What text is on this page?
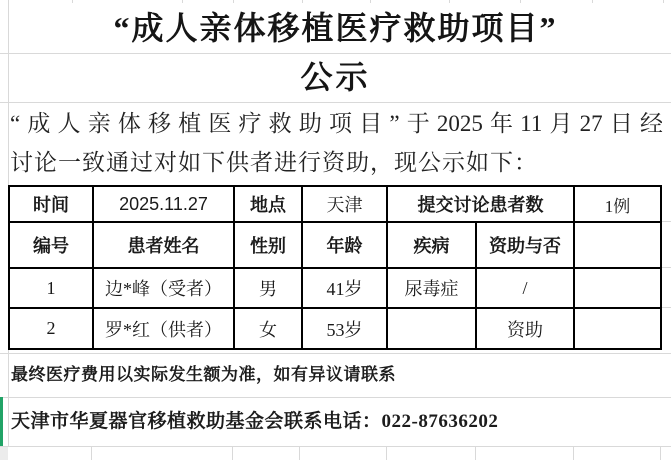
“成人亲体移植医疗救助项目”
公示
“成人亲体移植医疗救助项目”于2025年11月27日经
讨论一致通过对如下供者进行资助，现公示如下：
时间	2025.11.27	地点	天津	提交讨论患者数		1例
编号	患者姓名	性别	年龄	疾病	资助与否	
1	边*峰（受者）	男	41岁	尿毒症	/	
2	罗*红（供者）	女	53岁		资助	
最终医疗费用以实际发生额为准，如有异议请联系
天津市华夏器官移植救助基金会联系电话：022-87636202
